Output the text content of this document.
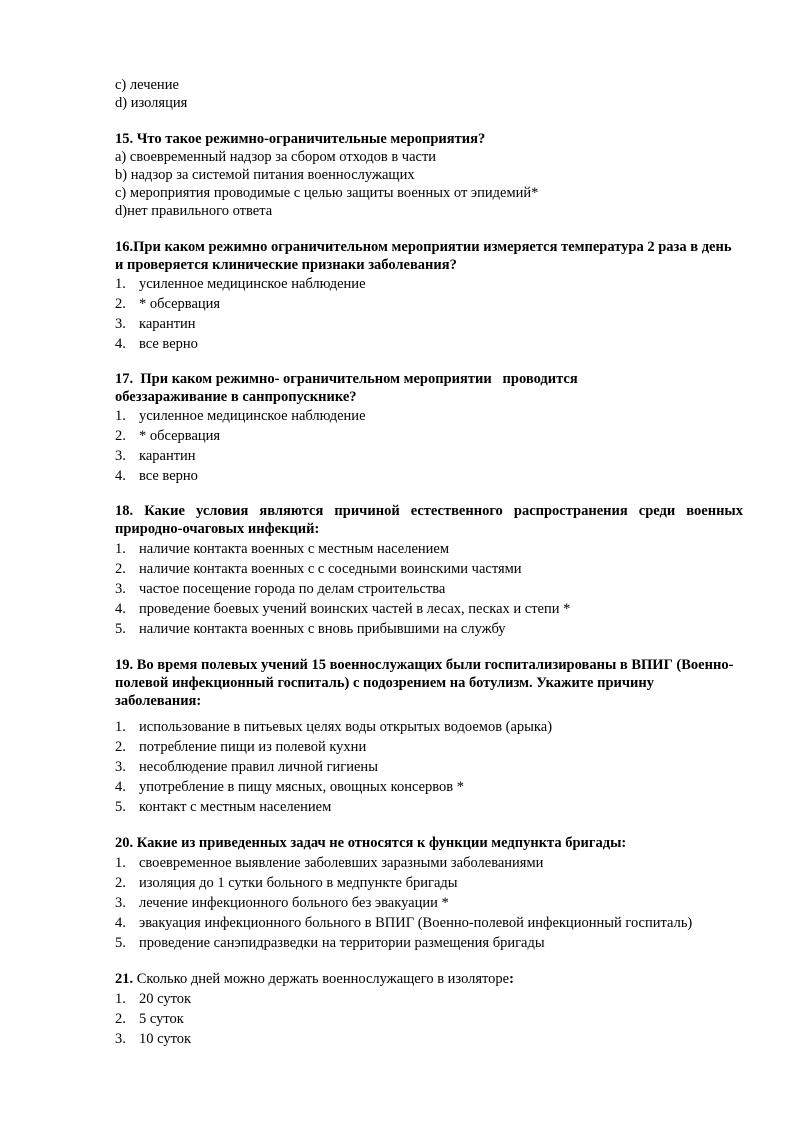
c) лечение
d) изоляция
15. Что такое режимно-ограничительные мероприятия?
a) своевременный надзор за сбором отходов в части
b) надзор за системой питания военнослужащих
c) мероприятия проводимые с целью защиты военных от эпидемий*
d)нет правильного ответа
16.При каком режимно ограничительном мероприятии измеряется температура 2 раза в день и проверяется клинические признаки заболевания?
1. усиленное медицинское наблюдение
2. * обсервация
3. карантин
4. все верно
17.  При каком режимно- ограничительном мероприятии   проводится
обеззараживание в санпропускнике?
1. усиленное медицинское наблюдение
2. * обсервация
3. карантин
4. все верно
18. Какие условия являются причиной естественного распространения среди военных природно-очаговых инфекций:
1. наличие контакта военных с местным населением
2. наличие контакта военных с с соседными воинскими частями
3. частое посещение города по делам строительства
4. проведение боевых учений воинских частей в лесах, песках и степи *
5. наличие контакта военных с вновь прибывшими на службу
19. Во время полевых учений 15 военнослужащих были госпитализированы в ВПИГ (Военно-полевой инфекционный госпиталь) с подозрением на ботулизм. Укажите причину заболевания:
1. использование в питьевых целях воды открытых водоемов (арыка)
2. потребление пищи из полевой кухни
3. несоблюдение правил личной гигиены
4. употребление в пищу мясных, овощных консервов *
5. контакт с местным населением
20. Какие из приведенных задач не относятся к функции медпункта бригады:
1. своевременное выявление заболевших заразными заболеваниями
2. изоляция до 1 сутки больного в медпункте бригады
3. лечение инфекционного больного без эвакуации *
4. эвакуация инфекционного больного в ВПИГ (Военно-полевой инфекционный госпиталь)
5. проведение санэпидразведки на территории размещения бригады
21. Сколько дней можно держать военнослужащего в изоляторе:
1. 20 суток
2. 5 суток
3. 10 суток
